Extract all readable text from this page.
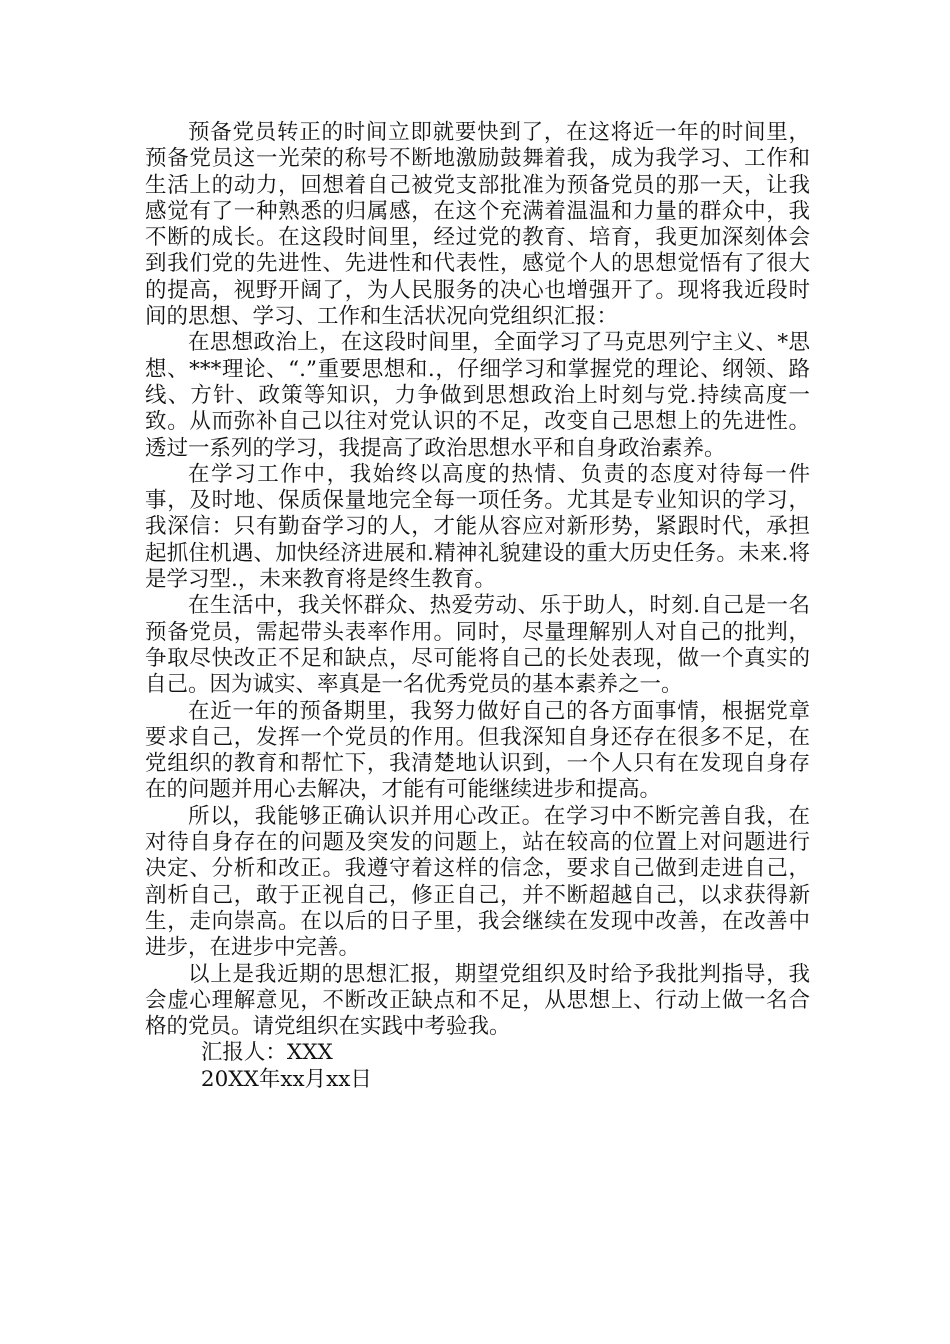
预备党员转正的时间立即就要快到了，在这将近一年的时间里，预备党员这一光荣的称号不断地激励鼓舞着我，成为我学习、工作和生活上的动力，回想着自己被党支部批准为预备党员的那一天，让我感觉有了一种熟悉的归属感，在这个充满着温温和力量的群众中，我不断的成长。在这段时间里，经过党的教育、培育，我更加深刻体会到我们党的先进性、先进性和代表性，感觉个人的思想觉悟有了很大的提高，视野开阔了，为人民服务的决心也增强开了。现将我近段时间的思想、学习、工作和生活状况向党组织汇报：

在思想政治上，在这段时间里，全面学习了马克思列宁主义、*思想、***理论、“.”重要思想和.，仔细学习和掌握党的理论、纲领、路线、方针、政策等知识，力争做到思想政治上时刻与党.持续高度一致。从而弥补自己以往对党认识的不足，改变自己思想上的先进性。透过一系列的学习，我提高了政治思想水平和自身政治素养。

在学习工作中，我始终以高度的热情、负责的态度对待每一件事，及时地、保质保量地完全每一项任务。尤其是专业知识的学习，我深信：只有勤奋学习的人，才能从容应对新形势，紧跟时代，承担起抓住机遇、加快经济进展和.精神礼貌建设的重大历史任务。未来.将是学习型.，未来教育将是终生教育。

在生活中，我关怀群众、热爱劳动、乐于助人，时刻.自己是一名预备党员，需起带头表率作用。同时，尽量理解别人对自己的批判，争取尽快改正不足和缺点，尽可能将自己的长处表现，做一个真实的自己。因为诚实、率真是一名优秀党员的基本素养之一。

在近一年的预备期里，我努力做好自己的各方面事情，根据党章要求自己，发挥一个党员的作用。但我深知自身还存在很多不足，在党组织的教育和帮忙下，我清楚地认识到，一个人只有在发现自身存在的问题并用心去解决，才能有可能继续进步和提高。

所以，我能够正确认识并用心改正。在学习中不断完善自我，在对待自身存在的问题及突发的问题上，站在较高的位置上对问题进行决定、分析和改正。我遵守着这样的信念，要求自己做到走进自己，剖析自己，敢于正视自己，修正自己，并不断超越自己，以求获得新生，走向崇高。在以后的日子里，我会继续在发现中改善，在改善中进步，在进步中完善。

以上是我近期的思想汇报，期望党组织及时给予我批判指导，我会虚心理解意见，不断改正缺点和不足，从思想上、行动上做一名合格的党员。请党组织在实践中考验我。

汇报人：XXX

20XX年xx月xx日
